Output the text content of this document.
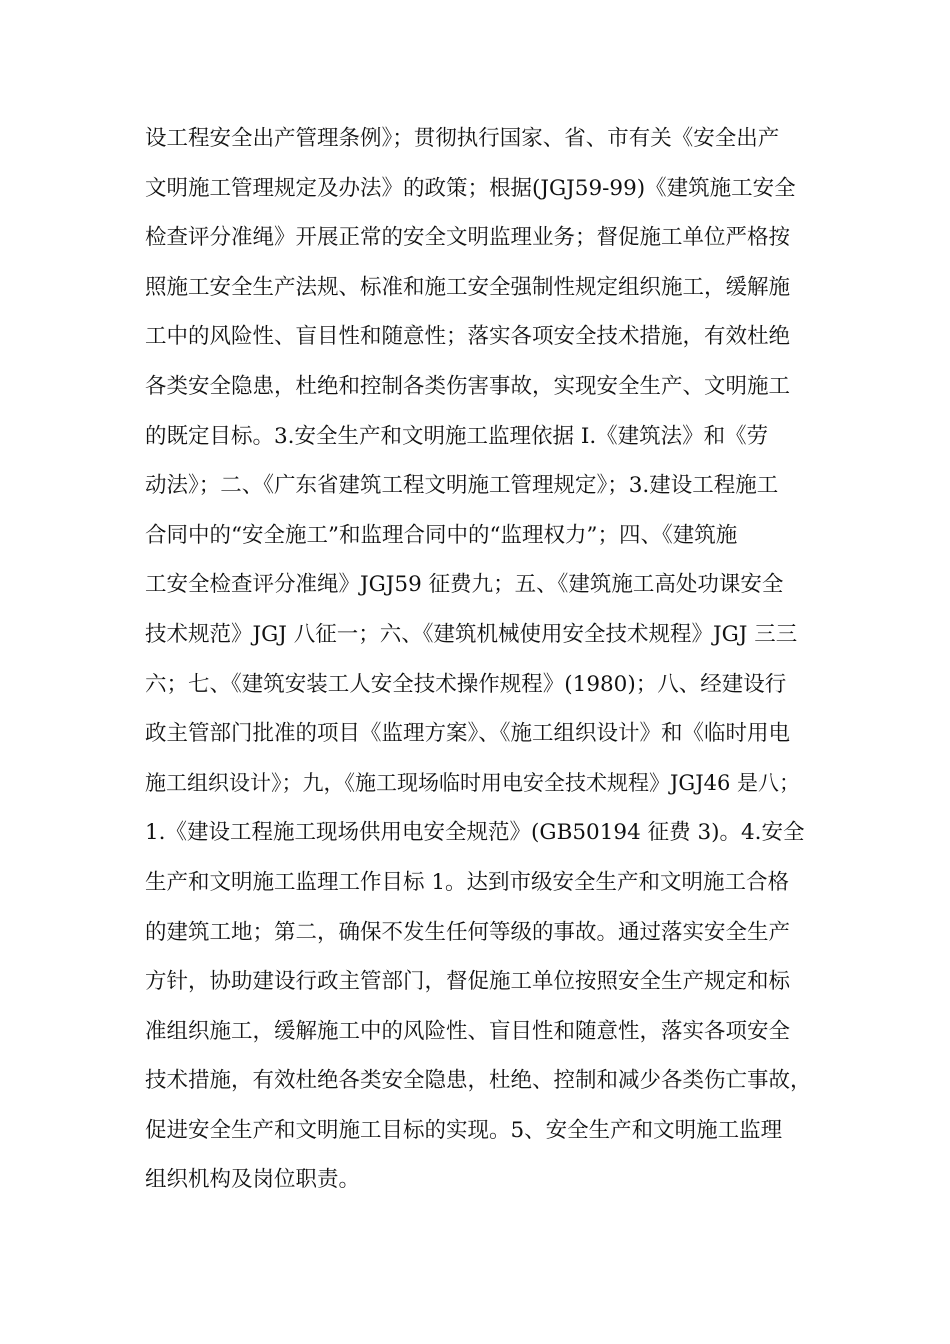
设工程安全出产管理条例》；贯彻执行国家、省、市有关《安全出产
文明施工管理规定及办法》的政策；根据(JGJ59-99)《建筑施工安全
检查评分准绳》开展正常的安全文明监理业务；督促施工单位严格按
照施工安全生产法规、标准和施工安全强制性规定组织施工，缓解施
工中的风险性、盲目性和随意性；落实各项安全技术措施，有效杜绝
各类安全隐患，杜绝和控制各类伤害事故，实现安全生产、文明施工
的既定目标。3.安全生产和文明施工监理依据 I.《建筑法》和《劳
动法》；二、《广东省建筑工程文明施工管理规定》；3.建设工程施工
合同中的“安全施工”和监理合同中的“监理权力”；四、《建筑施
工安全检查评分准绳》JGJ59 征费九；五、《建筑施工高处功课安全
技术规范》JGJ 八征一；六、《建筑机械使用安全技术规程》JGJ 三三
六；七、《建筑安装工人安全技术操作规程》(1980)；八、经建设行
政主管部门批准的项目《监理方案》、《施工组织设计》和《临时用电
施工组织设计》；九，《施工现场临时用电安全技术规程》JGJ46 是八；
1.《建设工程施工现场供用电安全规范》(GB50194 征费 3)。4.安全
生产和文明施工监理工作目标 1。达到市级安全生产和文明施工合格
的建筑工地；第二，确保不发生任何等级的事故。通过落实安全生产
方针，协助建设行政主管部门，督促施工单位按照安全生产规定和标
准组织施工，缓解施工中的风险性、盲目性和随意性，落实各项安全
技术措施，有效杜绝各类安全隐患，杜绝、控制和减少各类伤亡事故，
促进安全生产和文明施工目标的实现。5、安全生产和文明施工监理
组织机构及岗位职责。
